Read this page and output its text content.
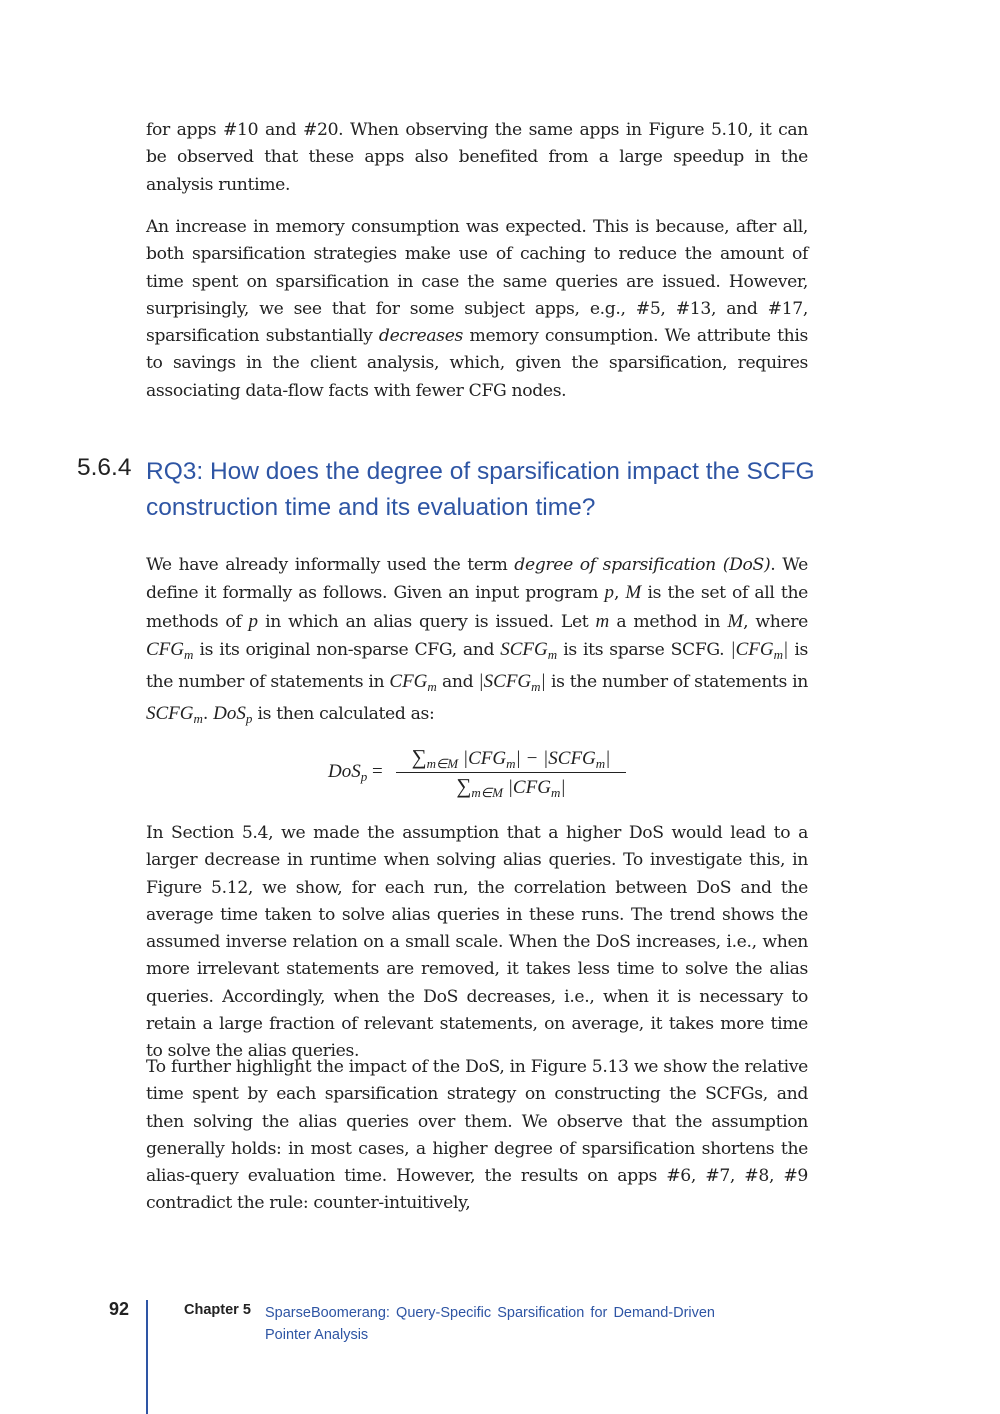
for apps #10 and #20. When observing the same apps in Figure 5.10, it can be observed that these apps also benefited from a large speedup in the analysis runtime.

An increase in memory consumption was expected. This is because, after all, both sparsification strategies make use of caching to reduce the amount of time spent on sparsification in case the same queries are issued. However, surprisingly, we see that for some subject apps, e.g., #5, #13, and #17, sparsification substantially decreases memory consumption. We attribute this to savings in the client analysis, which, given the sparsification, requires associating data-flow facts with fewer CFG nodes.

5.6.4 RQ3: How does the degree of sparsification impact the SCFG construction time and its evaluation time?

We have already informally used the term degree of sparsification (DoS). We define it formally as follows. Given an input program p, M is the set of all the methods of p in which an alias query is issued. Let m a method in M, where $CFG_m$ is its original non-sparse CFG, and $SCFG_m$ is its sparse SCFG. $|CFG_m|$ is the number of statements in $CFG_m$ and $|SCFG_m|$ is the number of statements in $SCFG_m$. DoS$_p$ is then calculated as:

DoS$_p$ =
$\sum_{m\in M}$ $|CFG_m|$ − $|SCFG_m|$
$\sum_{m\in M}$ $|CFG_m|$

In Section 5.4, we made the assumption that a higher DoS would lead to a larger decrease in runtime when solving alias queries. To investigate this, in Figure 5.12, we show, for each run, the correlation between DoS and the average time taken to solve alias queries in these runs. The trend shows the assumed inverse relation on a small scale. When the DoS increases, i.e., when more irrelevant statements are removed, it takes less time to solve the alias queries. Accordingly, when the DoS decreases, i.e., when it is necessary to retain a large fraction of relevant statements, on average, it takes more time to solve the alias queries.

To further highlight the impact of the DoS, in Figure 5.13 we show the relative time spent by each sparsification strategy on constructing the SCFGs, and then solving the alias queries over them. We observe that the assumption generally holds: in most cases, a higher degree of sparsification shortens the alias-query evaluation time. However, the results on apps #6, #7, #8, #9 contradict the rule: counter-intuitively,

92	Chapter 5 SparseBoomerang: Query-Specific Sparsification for Demand-Driven Pointer Analysis
